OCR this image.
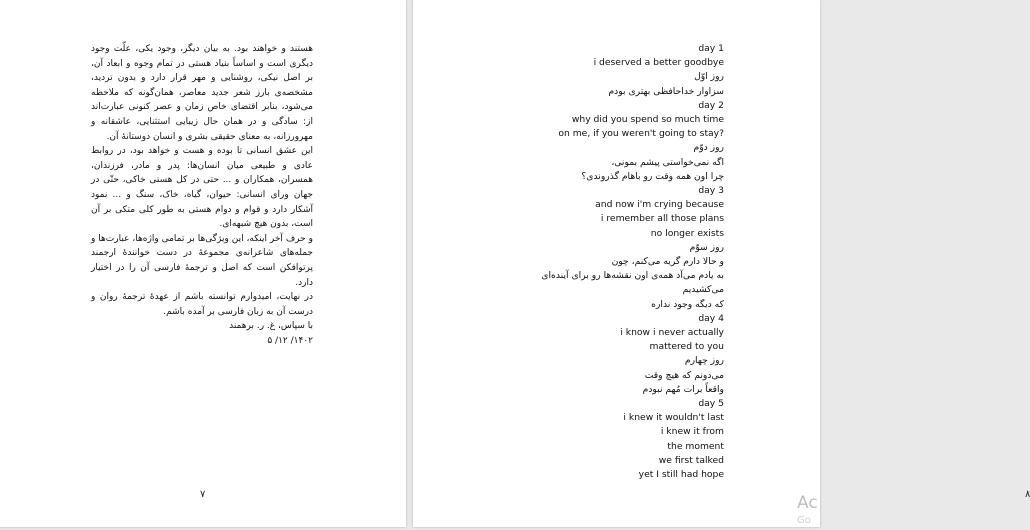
هستند و خواهند بود. به بیان دیگر، وجود یکی، علّت وجود دیگری است و اساساً بنیاد هستی در تمام وجوه و ابعاد آن، بر اصل نیکی، روشنایی و مهر قرار دارد و بدون تردید، مشخصه‌ی بارز شعر جدید معاصر، همان‌گونه که ملاحظه می‌شود، بنابر اقتضای خاص زمان و عصر کنونی عبارت‌اند از: سادگی و در همان حال زیبایی استثنایی، عاشقانه و مهرورزانه، به معنای حقیقی بشری و انسان دوستانهٔ آن.

این عشق انسانی تا بوده و هست و خواهد بود، در روابط عادی و طبیعی میان انسان‌ها: پدر و مادر، فرزندان، همسران، همکاران و ... حتی در کل هستی خاکی، حتّی در جهان ورای انسانی: حیوان، گیاه، خاک، سنگ و ... نمود آشکار دارد و قوام و دوام هستی به طور کلی متکی بر آن است، بدون هیچ شبهه‌ای.

و حرف آخر اینکه، این ویژگی‌ها بر تمامی واژه‌ها، عبارت‌ها و جمله‌های شاعرانه‌ی مجموعهٔ در دست خوانندهٔ ارجمند پرتوافکن است که اصل و ترجمهٔ فارسی آن را در اختیار دارد.

در نهایت، امیدوارم توانسته باشم از عهدهٔ ترجمهٔ روان و درست آن به زبان فارسی بر آمده باشم.

با سپاس، غ. ر. برهمند

۱۴۰۲/ ۱۲/ ۵

۷
day 1
i deserved a better goodbye
روز اوّل
سزاوار خداحافظی بهتری بودم
day 2
why did you spend so much time
on me, if you weren't going to stay?
روز دوّم
اگه نمی‌خواستی پیشم بمونی،
چرا اون همه وقت رو باهام گذروندی؟
day 3
and now i'm crying because
i remember all those plans
no longer exists
روز سوّم
و حالا دارم گریه می‌کنم، چون
به یادم می‌آد همه‌ی اون نقشه‌ها رو برای آینده‌ای
می‌کشیدیم
که دیگه وجود نداره
day 4
i know i never actually
mattered to you
روز چهارم
می‌دونم که هیچ وقت
واقعاً برات مُهم نبودم
day 5
i knew it wouldn't last
i knew it from
the moment
we first talked
yet I still had hope
۸
Ac
Go
